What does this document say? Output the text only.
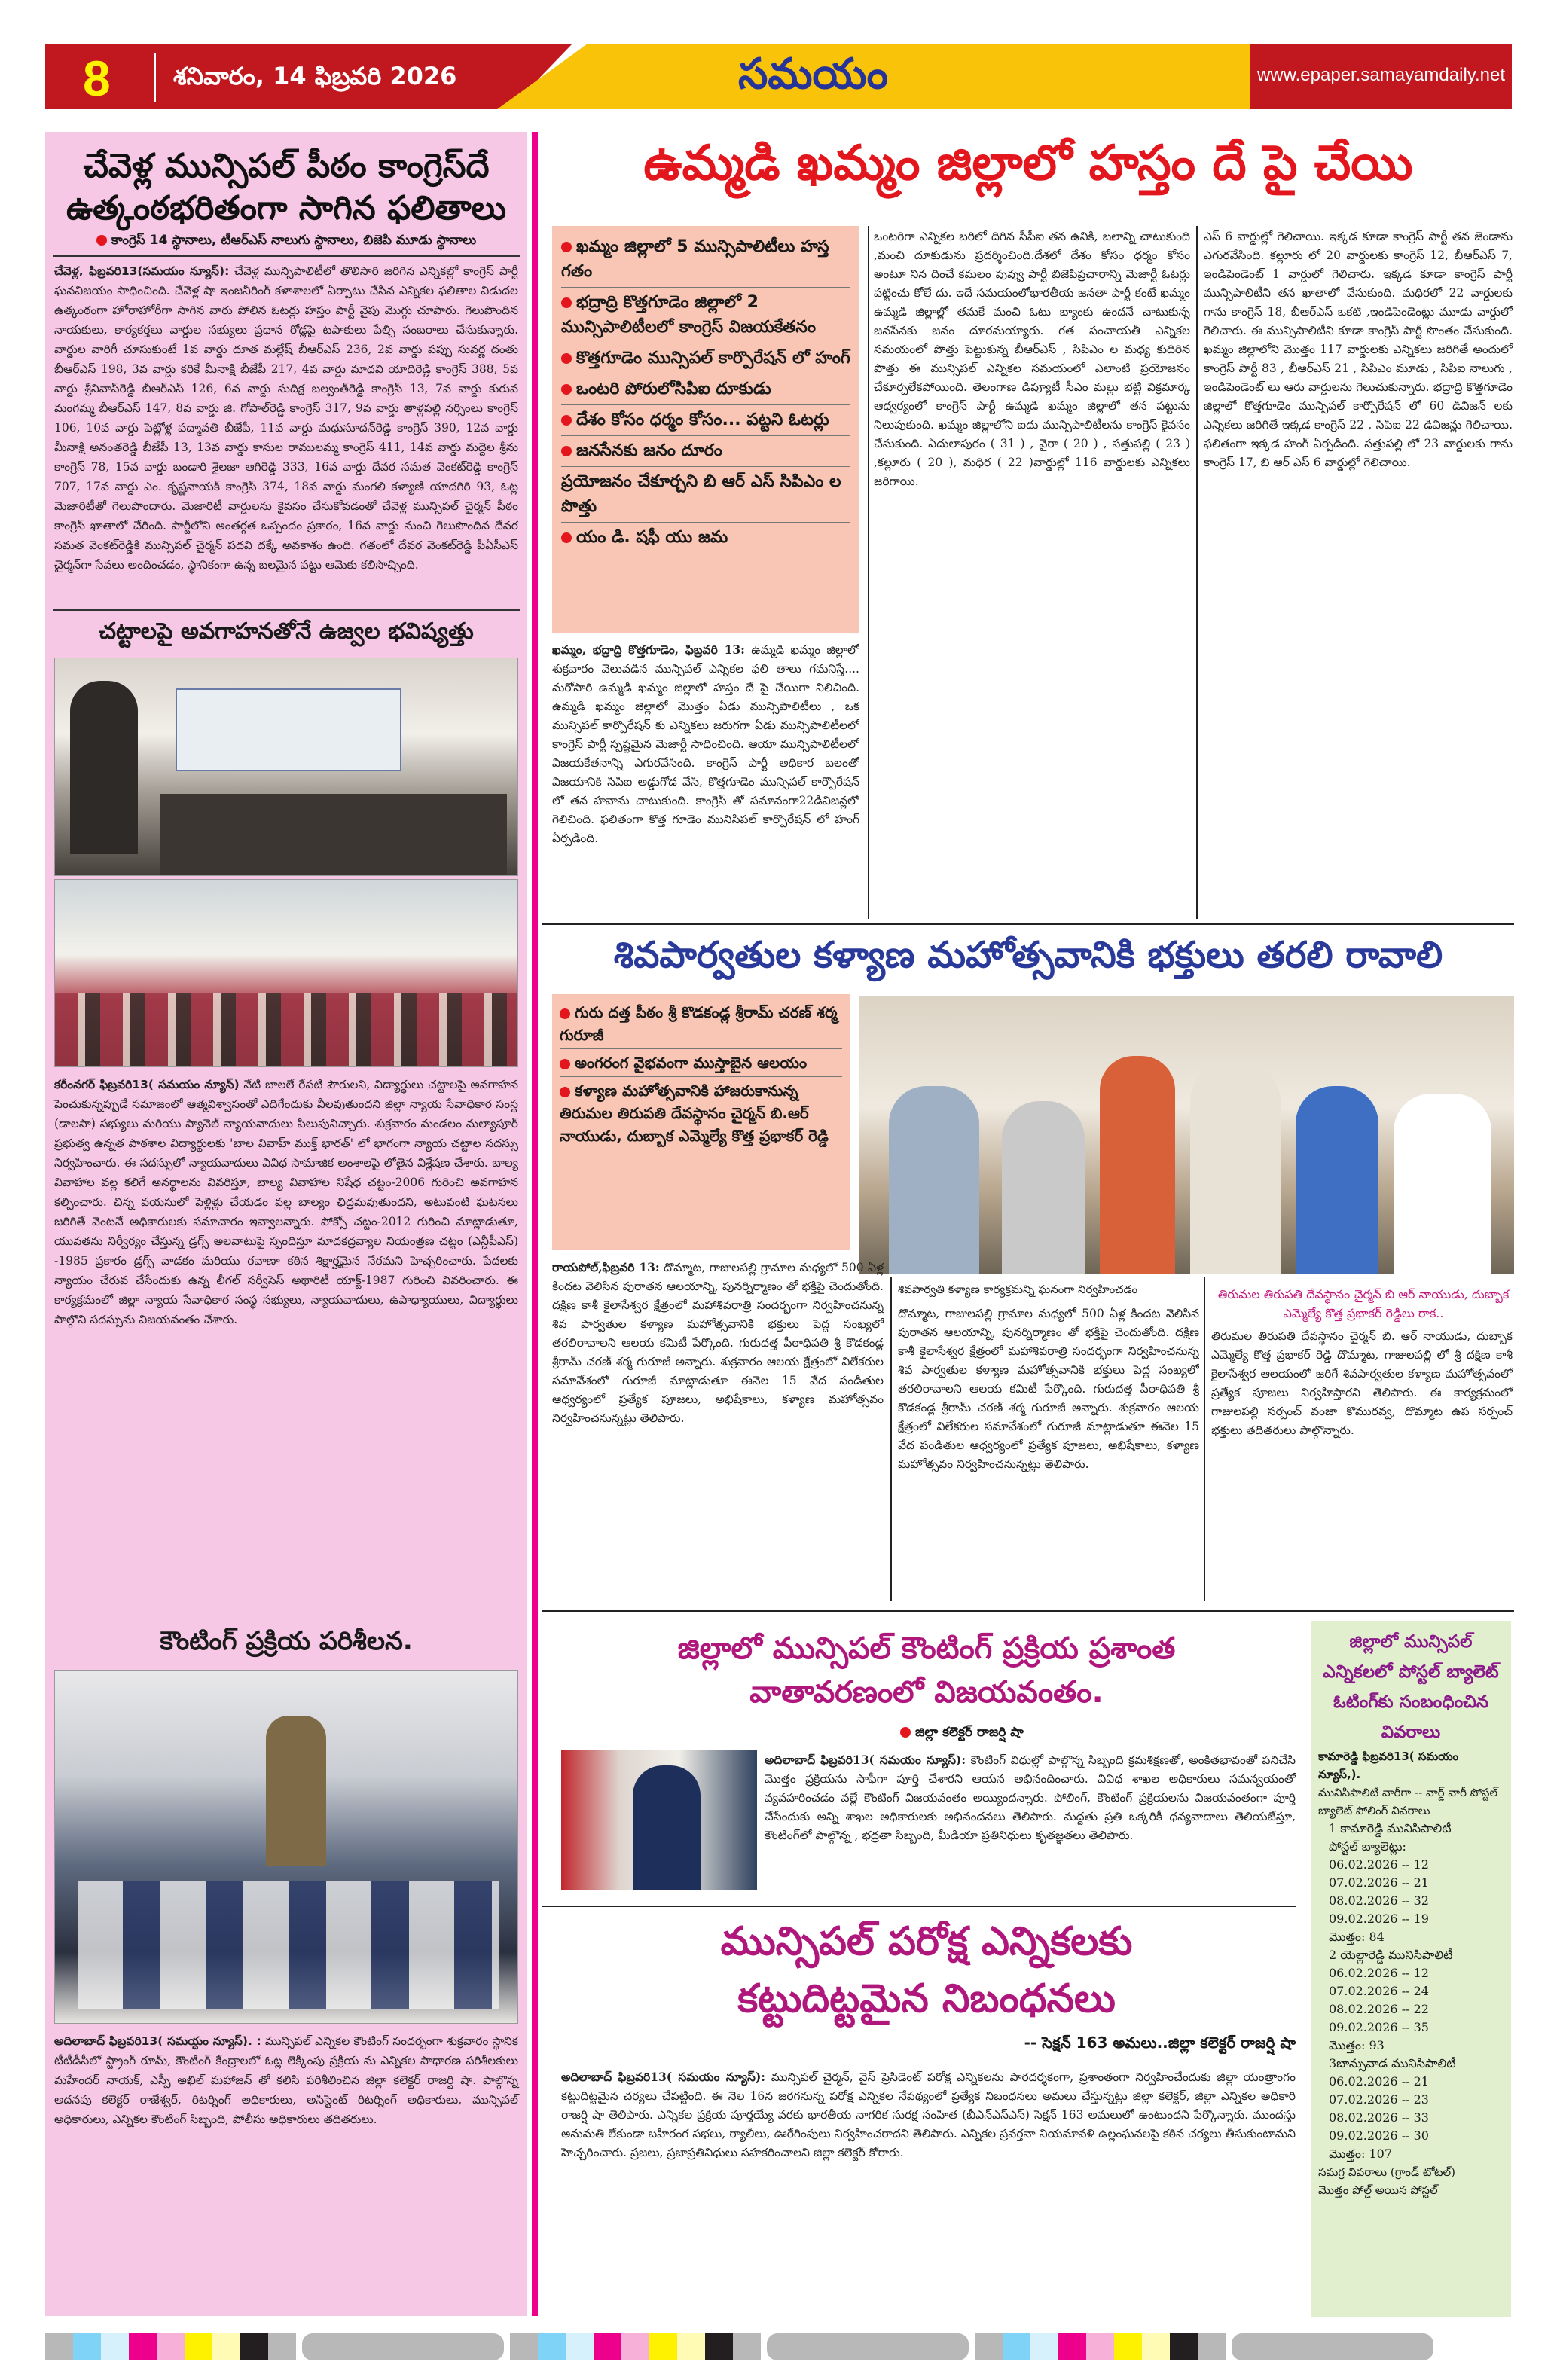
8	శనివారం, 14 ఫిబ్రవరి 2026	సమయం	www.epaper.samayamdaily.net
చేవెళ్ల మున్సిపల్ పీఠం కాంగ్రెస్‌దే
ఉత్కంఠభరితంగా సాగిన ఫలితాలు
కాంగ్రెస్ 14 స్థానాలు, టీఆర్ఎస్ నాలుగు స్థానాలు, బిజెపి మూడు స్థానాలు
చేవెళ్ల, ఫిబ్రవరి13(సమయం న్యూస్): చేవెళ్ల మున్సిపాలిటీలో తొలిసారి జరిగిన ఎన్నికల్లో కాంగ్రెస్ పార్టీ ఘనవిజయం సాధించింది. చేవెళ్ల షా ఇంజనీరింగ్ కళాశాలలో ఏర్పాటు చేసిన ఎన్నికల ఫలితాల విడుదల ఉత్కంఠంగా హోరాహోరీగా సాగిన వారు పోలిన ఓటర్లు హస్తం పార్టీ వైపు మొగ్గు చూపారు. గెలుపొందిన నాయకులు, కార్యకర్తలు వార్డుల సభ్యులు ప్రధాన రోడ్లపై టపాకులు పేల్చి సంబరాలు చేసుకున్నారు. వార్డుల వారిగీ చూసుకుంటే 1వ వార్డు దూత మల్లేష్ బీఆర్ఎస్ 236, 2వ వార్డు పప్పు సువర్ణ దంతు బీఆర్ఎస్ 198, 3వ వార్డు కరికే మీనాక్షి బీజేపీ 217, 4వ వార్డు మాధవి యాదిరెడ్డి కాంగ్రెస్ 388, 5వ వార్డు శ్రీనివాస్‌రెడ్డి బీఆర్ఎస్ 126, 6వ వార్డు సుదిక్ష బల్వంత్‌రెడ్డి కాంగ్రెస్ 13, 7వ వార్డు కురువ మంగమ్మ బీఆర్ఎస్ 147, 8వ వార్డు జి. గోపాల్‌రెడ్డి కాంగ్రెస్ 317, 9వ వార్డు తాళ్లపల్లి నర్సింలు కాంగ్రెస్ 106, 10వ వార్డు పెట్లోళ్ల పద్మావతి బీజేపీ, 11వ వార్డు మధుసూదన్‌రెడ్డి కాంగ్రెస్ 390, 12వ వార్డు మీనాక్షి అనంతరెడ్డి బీజేపీ 13, 13వ వార్డు కాసుల రాములమ్మ కాంగ్రెస్ 411, 14వ వార్డు మద్దెల శ్రీను కాంగ్రెస్ 78, 15వ వార్డు బండారి శైలజా ఆగిరెడ్డి 333, 16వ వార్డు దేవర సమత వెంకట్‌రెడ్డి కాంగ్రెస్ 707, 17వ వార్డు ఎం. కృష్ణనాయక్ కాంగ్రెస్ 374, 18వ వార్డు మంగలి కళ్యాణి యాదగిరి 93, ఓట్ల మెజారిటీతో గెలుపొందారు. మెజారిటీ వార్డులను కైవసం చేసుకోవడంతో చేవెళ్ల మున్సిపల్ చైర్మన్ పీఠం కాంగ్రెస్ ఖాతాలో చేరింది. పార్టీలోని అంతర్గత ఒప్పందం ప్రకారం, 16వ వార్డు నుంచి గెలుపొందిన దేవర సమత వెంకట్‌రెడ్డికి మున్సిపల్ చైర్మన్ పదవి దక్కే అవకాశం ఉంది. గతంలో దేవర వెంకట్‌రెడ్డి పీఏసీఎస్ చైర్మన్‌గా సేవలు అందించడం, స్థానికంగా ఉన్న బలమైన పట్టు ఆమెకు కలిసొచ్చింది.
చట్టాలపై అవగాహనతోనే ఉజ్వల భవిష్యత్తు
కరీంనగర్ ఫిబ్రవరి13( సమయం న్యూస్) నేటి బాలలే రేపటి పౌరులని, విద్యార్థులు చట్టాలపై అవగాహన పెంచుకున్నప్పుడే సమాజంలో ఆత్మవిశ్వాసంతో ఎదిగేందుకు వీలవుతుందని జిల్లా న్యాయ సేవాధికార సంస్థ (డాలసా) సభ్యులు మరియు ప్యానెల్ న్యాయవాదులు పిలుపునిచ్చారు. శుక్రవారం మండలం మల్యాపూర్ ప్రభుత్వ ఉన్నత పాఠశాల విద్యార్థులకు 'బాల వివాహ్ ముక్త్ భారత్' లో భాగంగా న్యాయ చట్టాల సదస్సు నిర్వహించారు. ఈ సదస్సులో న్యాయవాదులు వివిధ సామాజిక అంశాలపై లోతైన విశ్లేషణ చేశారు. బాల్య వివాహాల వల్ల కలిగే అనర్థాలను వివరిస్తూ, బాల్య వివాహాల నిషేధ చట్టం-2006 గురించి అవగాహన కల్పించారు. చిన్న వయసులో పెళ్లిళ్లు చేయడం వల్ల బాల్యం ఛిద్రమవుతుందని, అటువంటి ఘటనలు జరిగితే వెంటనే అధికారులకు సమాచారం ఇవ్వాలన్నారు. పోక్సో చట్టం-2012 గురించి మాట్లాడుతూ, యువతను నిర్వీర్యం చేస్తున్న డ్రగ్స్ అలవాటుపై స్పందిస్తూ మాదకద్రవ్యాల నియంత్రణ చట్టం (ఎన్డీపీఎస్) -1985 ప్రకారం డ్రగ్స్ వాడకం మరియు రవాణా కఠిన శిక్షార్హమైన నేరమని హెచ్చరించారు. పేదలకు న్యాయం చేరువ చేసేందుకు ఉన్న లీగల్ సర్వీసెస్ అథారిటీ యాక్ట్-1987 గురించి వివరించారు. ఈ కార్యక్రమంలో జిల్లా న్యాయ సేవాధికార సంస్థ సభ్యులు, న్యాయవాదులు, ఉపాధ్యాయులు, విద్యార్థులు పాల్గొని సదస్సును విజయవంతం చేశారు.
కౌంటింగ్ ప్రక్రియ పరిశీలన.
అదిలాబాద్ ఫిబ్రవరి13( సమయ్దం న్యూస్). : మున్సిపల్ ఎన్నికల కౌంటింగ్ సందర్భంగా శుక్రవారం స్థానిక టీటీడీసీలో స్ట్రాంగ్ రూమ్, కౌంటింగ్ కేంద్రాలలో ఓట్ల లెక్కింపు ప్రక్రియ ను ఎన్నికల సాధారణ పరిశీలకులు మహేందర్ నాయక్, ఎస్పీ అఖిల్ మహాజన్ తో కలిసి పరిశీలించిన జిల్లా కలెక్టర్ రాజర్షి షా. పాల్గొన్న అదనపు కలెక్టర్ రాజేశ్వర్, రిటర్నింగ్ అధికారులు, అసిస్టెంట్ రిటర్నింగ్ అధికారులు, మున్సిపల్ అధికారులు, ఎన్నికల కౌంటింగ్ సిబ్బంది, పోలీసు అధికారులు తదితరులు.
ఉమ్మడి ఖమ్మం జిల్లాలో హస్తం దే పై చేయి
ఖమ్మం జిల్లాలో 5 మున్సిపాలిటీలు హస్త గతం
భద్రాద్రి కొత్తగూడెం జిల్లాలో 2 మున్సిపాలిటీలలో కాంగ్రెస్ విజయకేతనం
కొత్తగూడెం మున్సిపల్ కార్పొరేషన్ లో హంగ్
ఒంటరి పోరులోసిపిఐ దూకుడు
దేశం కోసం ధర్మం కోసం... పట్టని ఓటర్లు
జనసేనకు జనం దూరం
ప్రయోజనం చేకూర్చని బి ఆర్ ఎస్ సిపిఎం ల పొత్తు
యం డి. షఫీ యు జమ
ఖమ్మం, భద్రాద్రి కొత్తగూడెం, ఫిబ్రవరి 13: ఉమ్మడి ఖమ్మం జిల్లాలో శుక్రవారం వెలువడిన మున్సిపల్ ఎన్నికల ఫలి తాలు గమనిస్తే.... మరోసారి ఉమ్మడి ఖమ్మం జిల్లాలో హస్తం దే పై చేయిగా నిలిచింది. ఉమ్మడి ఖమ్మం జిల్లాలో మొత్తం ఏడు మున్సిపాలిటీలు , ఒక మున్సిపల్ కార్పొరేషన్ కు ఎన్నికలు జరుగగా ఏడు మున్సిపాలిటీలలో కాంగ్రెస్ పార్టీ స్పష్టమైన మెజార్టీ సాధించింది. ఆయా మున్సిపాలిటీలలో విజయకేతనాన్ని ఎగురవేసింది. కాంగ్రెస్ పార్టీ అధికార బలంతో విజయానికి సిపిఐ అడ్డుగోడ వేసి, కొత్తగూడెం మున్సిపల్ కార్పొరేషన్ లో తన హవాను చాటుకుంది. కాంగ్రెస్ తో సమానంగా22డివిజన్లలో గెలిచింది. ఫలితంగా కొత్త గూడెం మునిసిపల్ కార్పొరేషన్ లో హంగ్ ఏర్పడింది.
ఒంటరిగా ఎన్నికల బరిలో దిగిన సీపీఐ తన ఉనికి, బలాన్ని చాటుకుంది ,మంచి దూకుడును ప్రదర్శించింది.దేశలో దేశం కోసం ధర్మం కోసం అంటూ నిన దించే కమలం పువ్వు పార్టీ బిజెపిప్రచారాన్ని మెజార్టీ ఓటర్లు పట్టించు కోలే దు. ఇదే సమయంలోభారతీయ జనతా పార్టీ కంటే ఖమ్మం ఉమ్మడి జిల్లాల్లో తమకే మంచి ఓటు బ్యాంకు ఉందనే చాటుకున్న జనసేనకు జనం దూరమయ్యారు. గత పంచాయతీ ఎన్నికల సమయంలో పొత్తు పెట్టుకున్న బీఆర్ఎస్ , సిపిఎం ల మధ్య కుదిరిన పొత్తు ఈ మున్సిపల్ ఎన్నికల సమయంలో ఎలాంటి ప్రయోజనం చేకూర్చలేకపోయింది. తెలంగాణ డిప్యూటీ సీఎం మల్లు భట్టి విక్రమార్క ఆధ్వర్యంలో కాంగ్రెస్ పార్టీ ఉమ్మడి ఖమ్మం జిల్లాలో తన పట్టును నిలుపుకుంది. ఖమ్మం జిల్లాలోని ఐదు మున్సిపాలిటీలను కాంగ్రెస్ కైవసం చేసుకుంది. ఏదులాపురం ( 31 ) , వైరా ( 20 ) , సత్తుపల్లి ( 23 ) ,కల్లూరు ( 20 ), మధిర ( 22 )వార్డుల్లో 116 వార్డులకు ఎన్నికలు జరిగాయి.
ఎస్ 6 వార్డుల్లో గెలిచాయి. ఇక్కడ కూడా కాంగ్రెస్ పార్టీ తన జెండాను ఎగురవేసింది. కల్లూరు లో 20 వార్డులకు కాంగ్రెస్ 12, బీఆర్ఎస్ 7, ఇండిపెండెంట్ 1 వార్డులో గెలిచారు. ఇక్కడ కూడా కాంగ్రెస్ పార్టీ మున్సిపాలిటీని తన ఖాతాలో వేసుకుంది. మధిరలో 22 వార్డులకు గాను కాంగ్రెస్ 18, బీఆర్ఎస్ ఒకటి ,ఇండిపెండెంట్లు మూడు వార్డులో గెలిచారు. ఈ మున్సిపాలిటీని కూడా కాంగ్రెస్ పార్టీ సొంతం చేసుకుంది. ఖమ్మం జిల్లాలోని మొత్తం 117 వార్డులకు ఎన్నికలు జరిగితే అందులో కాంగ్రెస్ పార్టీ 83 , బీఆర్ఎస్ 21 , సిపిఎం మూడు , సిపిఐ నాలుగు , ఇండిపెండెంట్ లు ఆరు వార్డులను గెలుచుకున్నారు. భద్రాద్రి కొత్తగూడెం జిల్లాలో కొత్తగూడెం మున్సిపల్ కార్పొరేషన్ లో 60 డివిజన్ లకు ఎన్నికలు జరిగితే ఇక్కడ కాంగ్రెస్ 22 , సిపిఐ 22 డివిజన్లు గెలిచాయి. ఫలితంగా ఇక్కడ హంగ్ ఏర్పడింది. సత్తుపల్లి లో 23 వార్డులకు గాను కాంగ్రెస్ 17, బి ఆర్ ఎస్ 6 వార్డుల్లో గెలిచాయి.
శివపార్వతుల కళ్యాణ మహోత్సవానికి భక్తులు తరలి రావాలి
గురు దత్త పీఠం శ్రీ కొడకండ్ల శ్రీరామ్ చరణ్ శర్మ గురూజీ
అంగరంగ వైభవంగా ముస్తాబైన ఆలయం
కళ్యాణ మహోత్సవానికి హాజరుకానున్న తిరుమల తిరుపతి దేవస్థానం చైర్మన్ బి.ఆర్ నాయుడు, దుబ్బాక ఎమ్మెల్యే కొత్త ప్రభాకర్ రెడ్డి
శివపార్వతి కళ్యాణ కార్యక్రమన్ని ఘనంగా నిర్వహించడం	తిరుమల తిరుపతి దేవస్థానం చైర్మన్ బి ఆర్ నాయుడు, దుబ్బాక ఎమ్మెల్యే కొత్త ప్రభాకర్ రెడ్డిలు రాక..
రాయపోల్,ఫిబ్రవరి 13: దొమ్మాట, గాజులపల్లి గ్రామాల మధ్యలో 500 ఏళ్ల కిందట వెలిసిన పురాతన ఆలయాన్ని, పునర్నిర్మాణం తో భక్తిపై చెందుతోంది. దక్షిణ కాశీ కైలాసేశ్వర క్షేత్రంలో మహాశివరాత్రి సందర్భంగా నిర్వహించనున్న శివ పార్వతుల కళ్యాణ మహోత్సవానికి భక్తులు పెద్ద సంఖ్యలో తరలిరావాలని ఆలయ కమిటీ పేర్కొంది. గురుదత్త పీఠాధిపతి శ్రీ కొడకండ్ల శ్రీరామ్ చరణ్ శర్మ గురూజీ అన్నారు. శుక్రవారం ఆలయ క్షేత్రంలో విలేకరుల సమావేశంలో గురూజీ మాట్లాడుతూ ఈనెల 15 వేద పండితుల ఆధ్వర్యంలో ప్రత్యేక పూజలు, అభిషేకాలు, కళ్యాణ మహోత్సవం నిర్వహించనున్నట్లు తెలిపారు.
దొమ్మాట, గాజులపల్లి గ్రామాల మధ్యలో 500 ఏళ్ల కిందట వెలిసిన పురాతన ఆలయాన్ని, పునర్నిర్మాణం తో భక్తిపై చెందుతోంది. దక్షిణ కాశీ కైలాసేశ్వర క్షేత్రంలో మహాశివరాత్రి సందర్భంగా నిర్వహించనున్న శివ పార్వతుల కళ్యాణ మహోత్సవానికి భక్తులు పెద్ద సంఖ్యలో తరలిరావాలని ఆలయ కమిటీ పేర్కొంది. గురుదత్త పీఠాధిపతి శ్రీ కొడకండ్ల శ్రీరామ్ చరణ్ శర్మ గురూజీ అన్నారు. శుక్రవారం ఆలయ క్షేత్రంలో విలేకరుల సమావేశంలో గురూజీ మాట్లాడుతూ ఈనెల 15 వేద పండితుల ఆధ్వర్యంలో ప్రత్యేక పూజలు, అభిషేకాలు, కళ్యాణ మహోత్సవం నిర్వహించనున్నట్లు తెలిపారు.
తిరుమల తిరుపతి దేవస్థానం చైర్మన్ బి. ఆర్ నాయుడు, దుబ్బాక ఎమ్మెల్యే కొత్త ప్రభాకర్ రెడ్డి దొమ్మాట, గాజులపల్లి లో శ్రీ దక్షిణ కాశీ కైలాసేశ్వర ఆలయంలో జరిగే శివపార్వతుల కళ్యాణ మహోత్సవంలో ప్రత్యేక పూజలు నిర్వహిస్తారని తెలిపారు. ఈ కార్యక్రమంలో గాజులపల్లి సర్పంచ్ వంజా కొమురవ్వ, దొమ్మాట ఉప సర్పంచ్ భక్తులు తదితరులు పాల్గొన్నారు.
జిల్లాలో మున్సిపల్ కౌంటింగ్ ప్రక్రియ ప్రశాంత
వాతావరణంలో విజయవంతం.
జిల్లా కలెక్టర్ రాజర్షి షా
అదిలాబాద్ ఫిబ్రవరి13( సమయం న్యూస్): కౌంటింగ్ విధుల్లో పాల్గొన్న సిబ్బంది క్రమశిక్షణతో, అంకితభావంతో పనిచేసి మొత్తం ప్రక్రియను సాఫీగా పూర్తి చేశారని ఆయన అభినందించారు. వివిధ శాఖల అధికారులు సమన్వయంతో వ్యవహరించడం వల్లే కౌంటింగ్ విజయవంతం అయ్యిందన్నారు. పోలింగ్, కౌంటింగ్ ప్రక్రియలను విజయవంతంగా పూర్తి చేసేందుకు అన్ని శాఖల అధికారులకు అభినందనలు తెలిపారు. మద్దతు ప్రతి ఒక్కరికీ ధన్యవాదాలు తెలియజేస్తూ, కౌంటింగ్‌లో పాల్గొన్న , భద్రతా సిబ్బంది, మీడియా ప్రతినిధులు కృతజ్ఞతలు తెలిపారు.
జిల్లాలో మున్సిపల్ ఎన్నికలలో పోస్టల్ బ్యాలెట్ ఓటింగ్‌కు సంబంధించిన వివరాలు
కామారెడ్డి ఫిబ్రవరి13( సమయం న్యూస్,).
మునిసిపాలిటీ వారీగా -- వార్డ్ వారీ పోస్టల్ బ్యాలెట్ పోలింగ్ వివరాలు
1 కామారెడ్డి మునిసిపాలిటీ
పోస్టల్ బ్యాలెట్లు:
06.02.2026 -- 12
07.02.2026 -- 21
08.02.2026 -- 32
09.02.2026 -- 19
మొత్తం: 84
2 యెల్లారెడ్డి మునిసిపాలిటీ
06.02.2026 -- 12
07.02.2026 -- 24
08.02.2026 -- 22
09.02.2026 -- 35
మొత్తం: 93
3బాన్సువాడ మునిసిపాలిటీ
06.02.2026 -- 21
07.02.2026 -- 23
08.02.2026 -- 33
09.02.2026 -- 30
మొత్తం: 107
సమగ్ర వివరాలు (గ్రాండ్ టోటల్)
మొత్తం పోల్డ్ అయిన పోస్టల్
మున్సిపల్ పరోక్ష ఎన్నికలకు
కట్టుదిట్టమైన నిబంధనలు
-- సెక్షన్ 163 అమలు..జిల్లా కలెక్టర్ రాజర్షి షా
అదిలాబాద్ ఫిబ్రవరి13( సమయం న్యూస్): మున్సిపల్ చైర్మన్, వైస్ ప్రెసిడెంట్ పరోక్ష ఎన్నికలను పారదర్శకంగా, ప్రశాంతంగా నిర్వహించేందుకు జిల్లా యంత్రాంగం కట్టుదిట్టమైన చర్యలు చేపట్టింది. ఈ నెల 16న జరగనున్న పరోక్ష ఎన్నికల నేపథ్యంలో ప్రత్యేక నిబంధనలు అమలు చేస్తున్నట్లు జిల్లా కలెక్టర్, జిల్లా ఎన్నికల అధికారి రాజర్షి షా తెలిపారు. ఎన్నికల ప్రక్రియ పూర్తయ్యే వరకు భారతీయ నాగరిక సురక్ష సంహిత (బీఎన్ఎస్ఎస్) సెక్షన్ 163 అమలులో ఉంటుందని పేర్కొన్నారు. ముందస్తు అనుమతి లేకుండా బహిరంగ సభలు, ర్యాలీలు, ఊరేగింపులు నిర్వహించరాదని తెలిపారు. ఎన్నికల ప్రవర్తనా నియమావళి ఉల్లంఘనలపై కఠిన చర్యలు తీసుకుంటామని హెచ్చరించారు. ప్రజలు, ప్రజాప్రతినిధులు సహకరించాలని జిల్లా కలెక్టర్ కోరారు.
